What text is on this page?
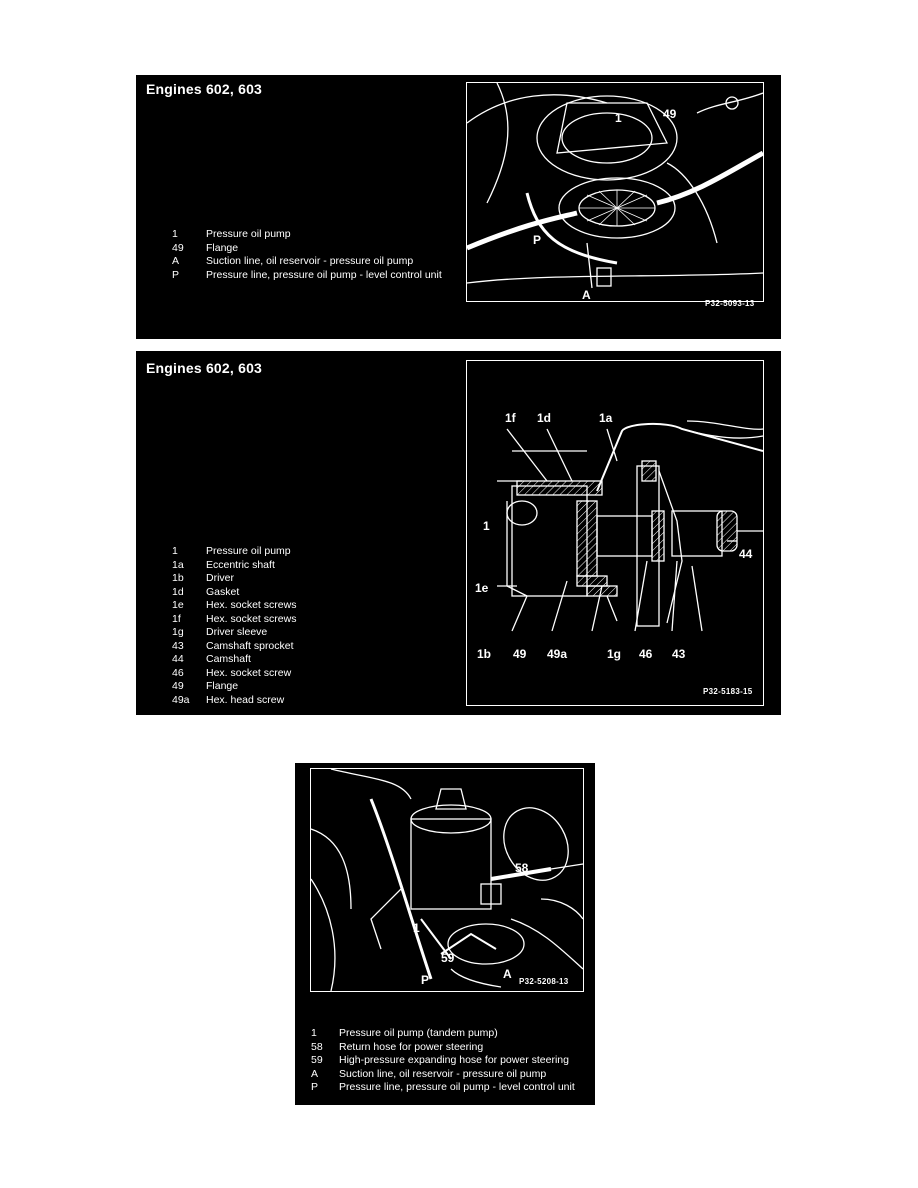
Engines 602, 603
1	Pressure oil pump
49	Flange
A	Suction line, oil reservoir - pressure oil pump
P	Pressure line, pressure oil pump - level control unit
1	49
P
A
P32-5093-13
Engines 602, 603
1	Pressure oil pump
1a	Eccentric shaft
1b	Driver
1d	Gasket
1e	Hex. socket screws
1f	Hex. socket screws
1g	Driver sleeve
43	Camshaft sprocket
44	Camshaft
46	Hex. socket screw
49	Flange
49a	Hex. head screw
1f 1d	1a
1
44
1e
1b 49 49a	1g 46 43
P32-5183-15
58
1
59
P	A
P32-5208-13
1	Pressure oil pump (tandem pump)
58	Return hose for power steering
59	High-pressure expanding hose for power steering
A	Suction line, oil reservoir - pressure oil pump
P	Pressure line, pressure oil pump - level control unit
